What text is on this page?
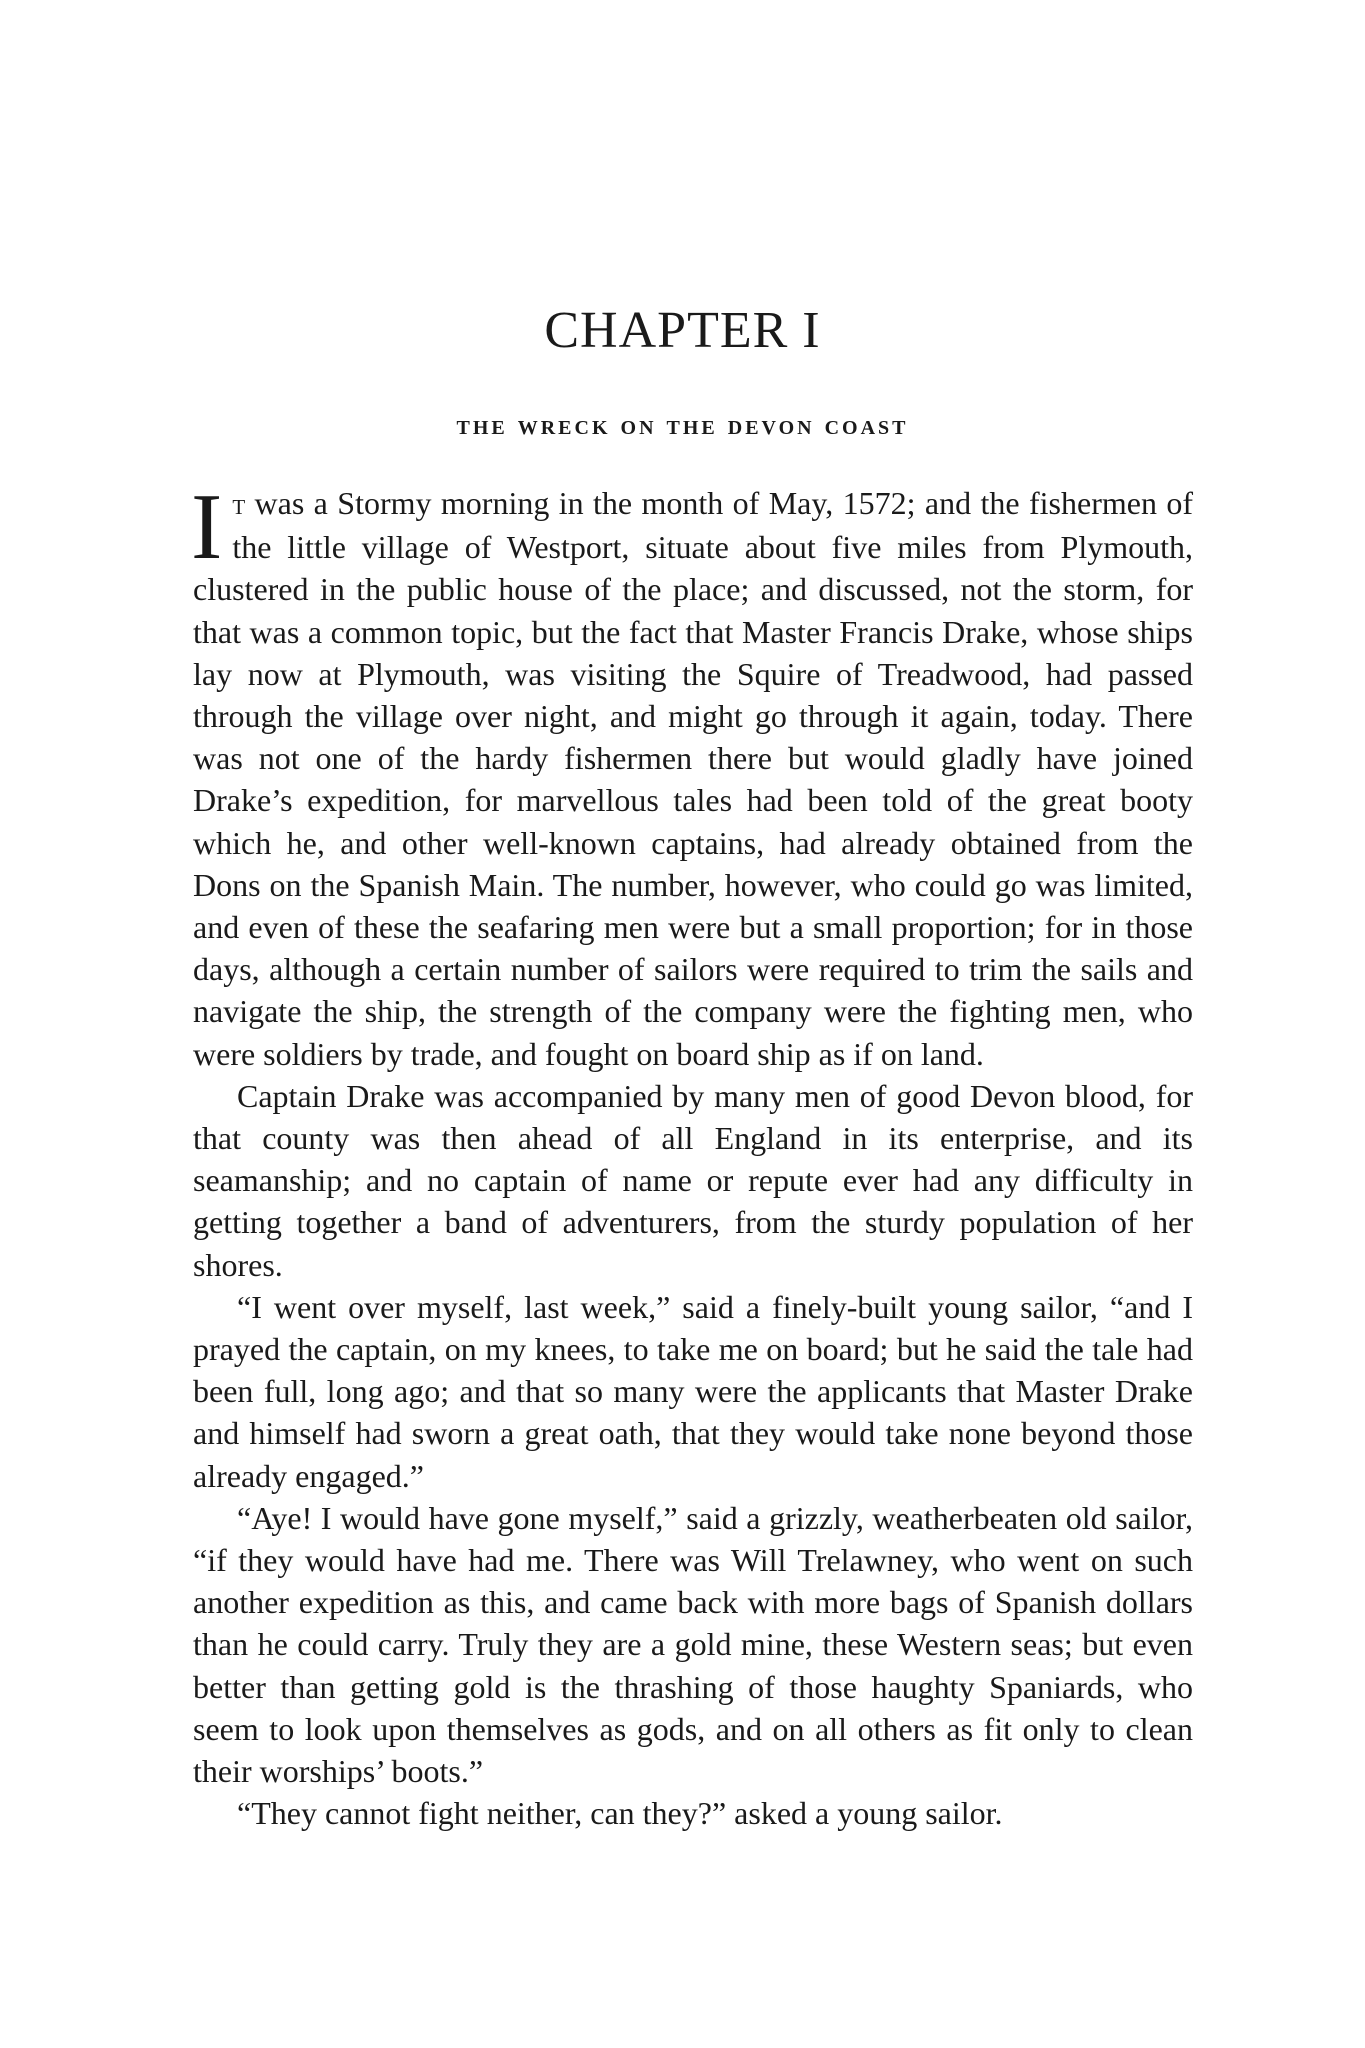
CHAPTER I
the wreck on the devon coast

I t was a Stormy morning in the month of May, 1572; and the fishermen of the little village of Westport, situate about five miles from Plymouth, clustered in the public house of the place; and discussed, not the storm, for that was a common topic, but the fact that Master Francis Drake, whose ships lay now at Plymouth, was visiting the Squire of Treadwood, had passed through the village over night, and might go through it again, today. There was not one of the hardy fishermen there but would gladly have joined Drake’s expedition, for marvellous tales had been told of the great booty which he, and other well-known captains, had already obtained from the Dons on the Spanish Main. The number, however, who could go was limited, and even of these the seafaring men were but a small proportion; for in those days, although a certain number of sailors were required to trim the sails and navigate the ship, the strength of the company were the fighting men, who were soldiers by trade, and fought on board ship as if on land.

Captain Drake was accompanied by many men of good Devon blood, for that county was then ahead of all England in its enterprise, and its seamanship; and no captain of name or repute ever had any difficulty in getting together a band of adventurers, from the sturdy population of her shores.

“I went over myself, last week,” said a finely-built young sailor, “and I prayed the captain, on my knees, to take me on board; but he said the tale had been full, long ago; and that so many were the applicants that Master Drake and himself had sworn a great oath, that they would take none beyond those already engaged.”

“Aye! I would have gone myself,” said a grizzly, weatherbeaten old sailor, “if they would have had me. There was Will Trelawney, who went on such another expedition as this, and came back with more bags of Spanish dollars than he could carry. Truly they are a gold mine, these Western seas; but even better than getting gold is the thrashing of those haughty Spaniards, who seem to look upon themselves as gods, and on all others as fit only to clean their worships’ boots.”

“They cannot fight neither, can they?” asked a young sailor.
